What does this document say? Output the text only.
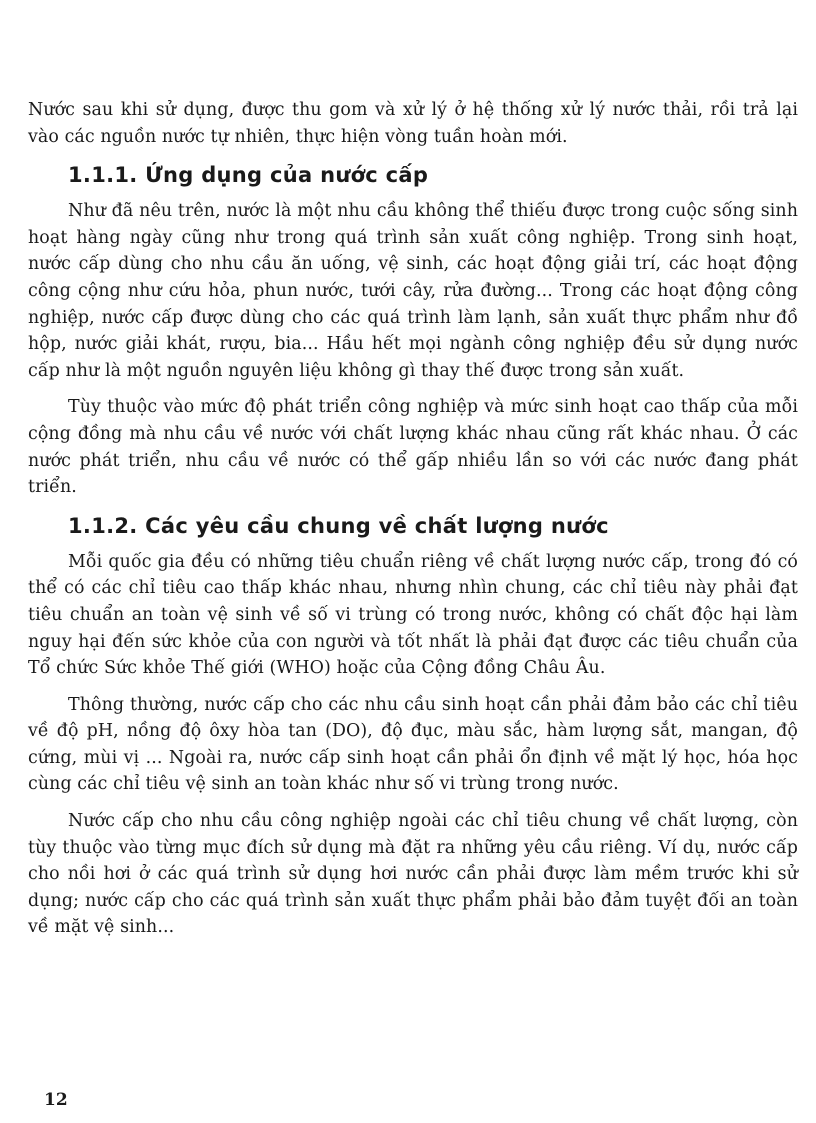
Nước sau khi sử dụng, được thu gom và xử lý ở hệ thống xử lý nước thải, rồi trả lại vào các nguồn nước tự nhiên, thực hiện vòng tuần hoàn mới.

1.1.1. Ứng dụng của nước cấp

Như đã nêu trên, nước là một nhu cầu không thể thiếu được trong cuộc sống sinh hoạt hàng ngày cũng như trong quá trình sản xuất công nghiệp. Trong sinh hoạt, nước cấp dùng cho nhu cầu ăn uống, vệ sinh, các hoạt động giải trí, các hoạt động công cộng như cứu hỏa, phun nước, tưới cây, rửa đường... Trong các hoạt động công nghiệp, nước cấp được dùng cho các quá trình làm lạnh, sản xuất thực phẩm như đồ hộp, nước giải khát, rượu, bia... Hầu hết mọi ngành công nghiệp đều sử dụng nước cấp như là một nguồn nguyên liệu không gì thay thế được trong sản xuất.

Tùy thuộc vào mức độ phát triển công nghiệp và mức sinh hoạt cao thấp của mỗi cộng đồng mà nhu cầu về nước với chất lượng khác nhau cũng rất khác nhau. Ở các nước phát triển, nhu cầu về nước có thể gấp nhiều lần so với các nước đang phát triển.

1.1.2. Các yêu cầu chung về chất lượng nước

Mỗi quốc gia đều có những tiêu chuẩn riêng về chất lượng nước cấp, trong đó có thể có các chỉ tiêu cao thấp khác nhau, nhưng nhìn chung, các chỉ tiêu này phải đạt tiêu chuẩn an toàn vệ sinh về số vi trùng có trong nước, không có chất độc hại làm nguy hại đến sức khỏe của con người và tốt nhất là phải đạt được các tiêu chuẩn của Tổ chức Sức khỏe Thế giới (WHO) hoặc của Cộng đồng Châu Âu.

Thông thường, nước cấp cho các nhu cầu sinh hoạt cần phải đảm bảo các chỉ tiêu về độ pH, nồng độ ôxy hòa tan (DO), độ đục, màu sắc, hàm lượng sắt, mangan, độ cứng, mùi vị ... Ngoài ra, nước cấp sinh hoạt cần phải ổn định về mặt lý học, hóa học cùng các chỉ tiêu vệ sinh an toàn khác như số vi trùng trong nước.

Nước cấp cho nhu cầu công nghiệp ngoài các chỉ tiêu chung về chất lượng, còn tùy thuộc vào từng mục đích sử dụng mà đặt ra những yêu cầu riêng. Ví dụ, nước cấp cho nồi hơi ở các quá trình sử dụng hơi nước cần phải được làm mềm trước khi sử dụng; nước cấp cho các quá trình sản xuất thực phẩm phải bảo đảm tuyệt đối an toàn về mặt vệ sinh...

12
